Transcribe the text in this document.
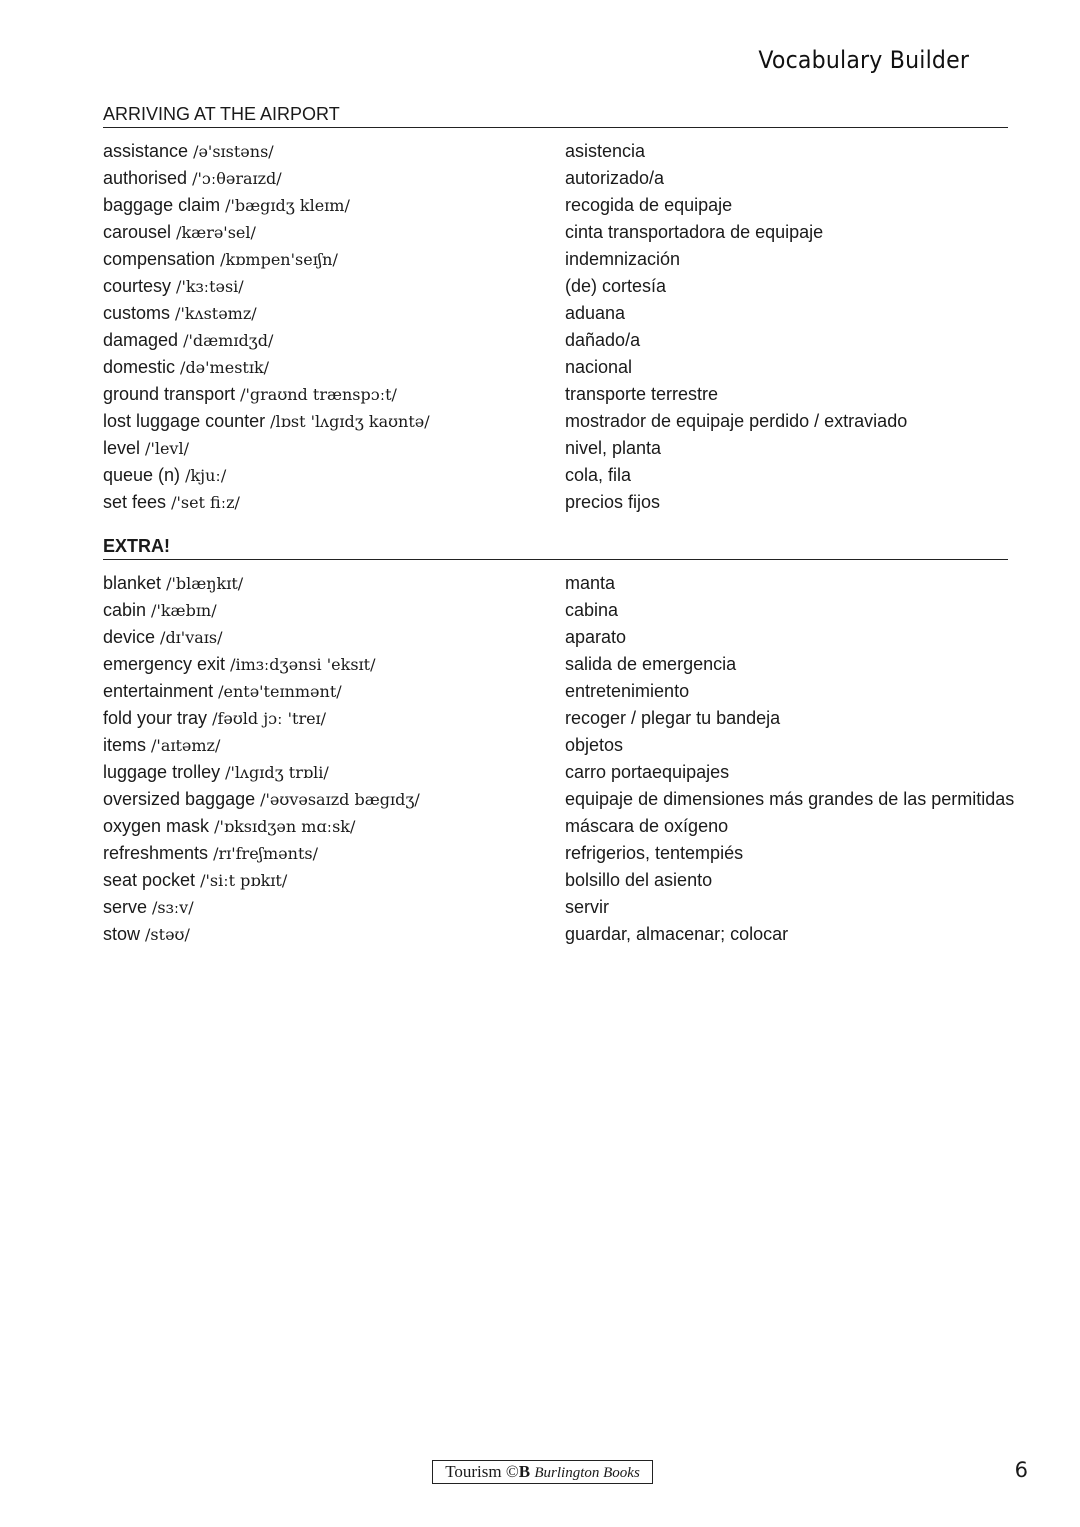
Vocabulary Builder
ARRIVING AT THE AIRPORT
assistance /ə'sɪstəns/	asistencia
authorised /'ɔːθəraɪzd/	autorizado/a
baggage claim /'bægɪdʒ kleɪm/	recogida de equipaje
carousel /kærə'sel/	cinta transportadora de equipaje
compensation /kɒmpen'seɪʃn/	indemnización
courtesy /'kɜːtəsi/	(de) cortesía
customs /'kʌstəmz/	aduana
damaged /'dæmɪdʒd/	dañado/a
domestic /də'mestɪk/	nacional
ground transport /'graʊnd trænspɔːt/	transporte terrestre
lost luggage counter /lɒst 'lʌgɪdʒ kaʊntə/	mostrador de equipaje perdido / extraviado
level /'levl/	nivel, planta
queue (n) /kjuː/	cola, fila
set fees /'set fiːz/	precios fijos
EXTRA!
blanket /'blæŋkɪt/	manta
cabin /'kæbɪn/	cabina
device /dɪ'vaɪs/	aparato
emergency exit /imɜːdʒənsi 'eksɪt/	salida de emergencia
entertainment /entə'teɪnmənt/	entretenimiento
fold your tray /fəʊld jɔː 'treɪ/	recoger / plegar tu bandeja
items /'aɪtəmz/	objetos
luggage trolley /'lʌgɪdʒ trɒli/	carro portaequipajes
oversized baggage /'əʊvəsaɪzd bægɪdʒ/	equipaje de dimensiones más grandes de las permitidas
oxygen mask /'ɒksɪdʒən mɑːsk/	máscara de oxígeno
refreshments /rɪ'freʃmənts/	refrigerios, tentempiés
seat pocket /'siːt pɒkɪt/	bolsillo del asiento
serve /sɜːv/	servir
stow /stəʊ/	guardar, almacenar; colocar
Tourism ©B Burlington Books	6
